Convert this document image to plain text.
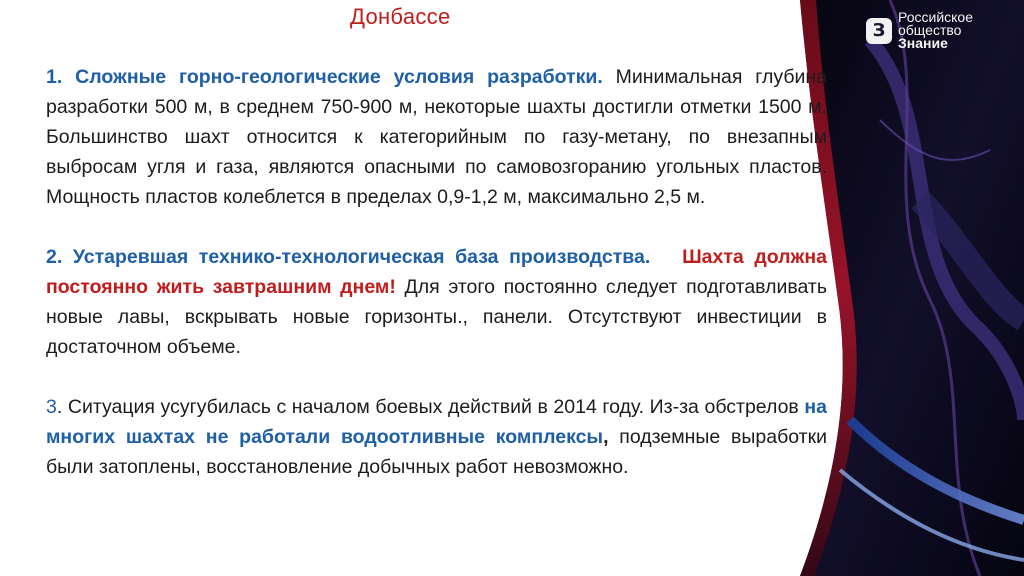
З
Российское
общество
Знание
Донбассе

1. Сложные горно-геологические условия разработки. Минимальная глубина разработки 500 м, в среднем 750-900 м, некоторые шахты достигли отметки 1500 м. Большинство шахт относится к категорийным по газу-метану, по внезапным выбросам угля и газа, являются опасными по самовозгоранию угольных пластов. Мощность пластов колеблется в пределах 0,9-1,2 м, максимально 2,5 м.

2. Устаревшая технико-технологическая база производства. Шахта должна постоянно жить завтрашним днем! Для этого постоянно следует подготавливать новые лавы, вскрывать новые горизонты., панели. Отсутствуют инвестиции в достаточном объеме.

3. Ситуация усугубилась с началом боевых действий в 2014 году. Из-за обстрелов на многих шахтах не работали водоотливные комплексы, подземные выработки были затоплены, восстановление добычных работ невозможно.
